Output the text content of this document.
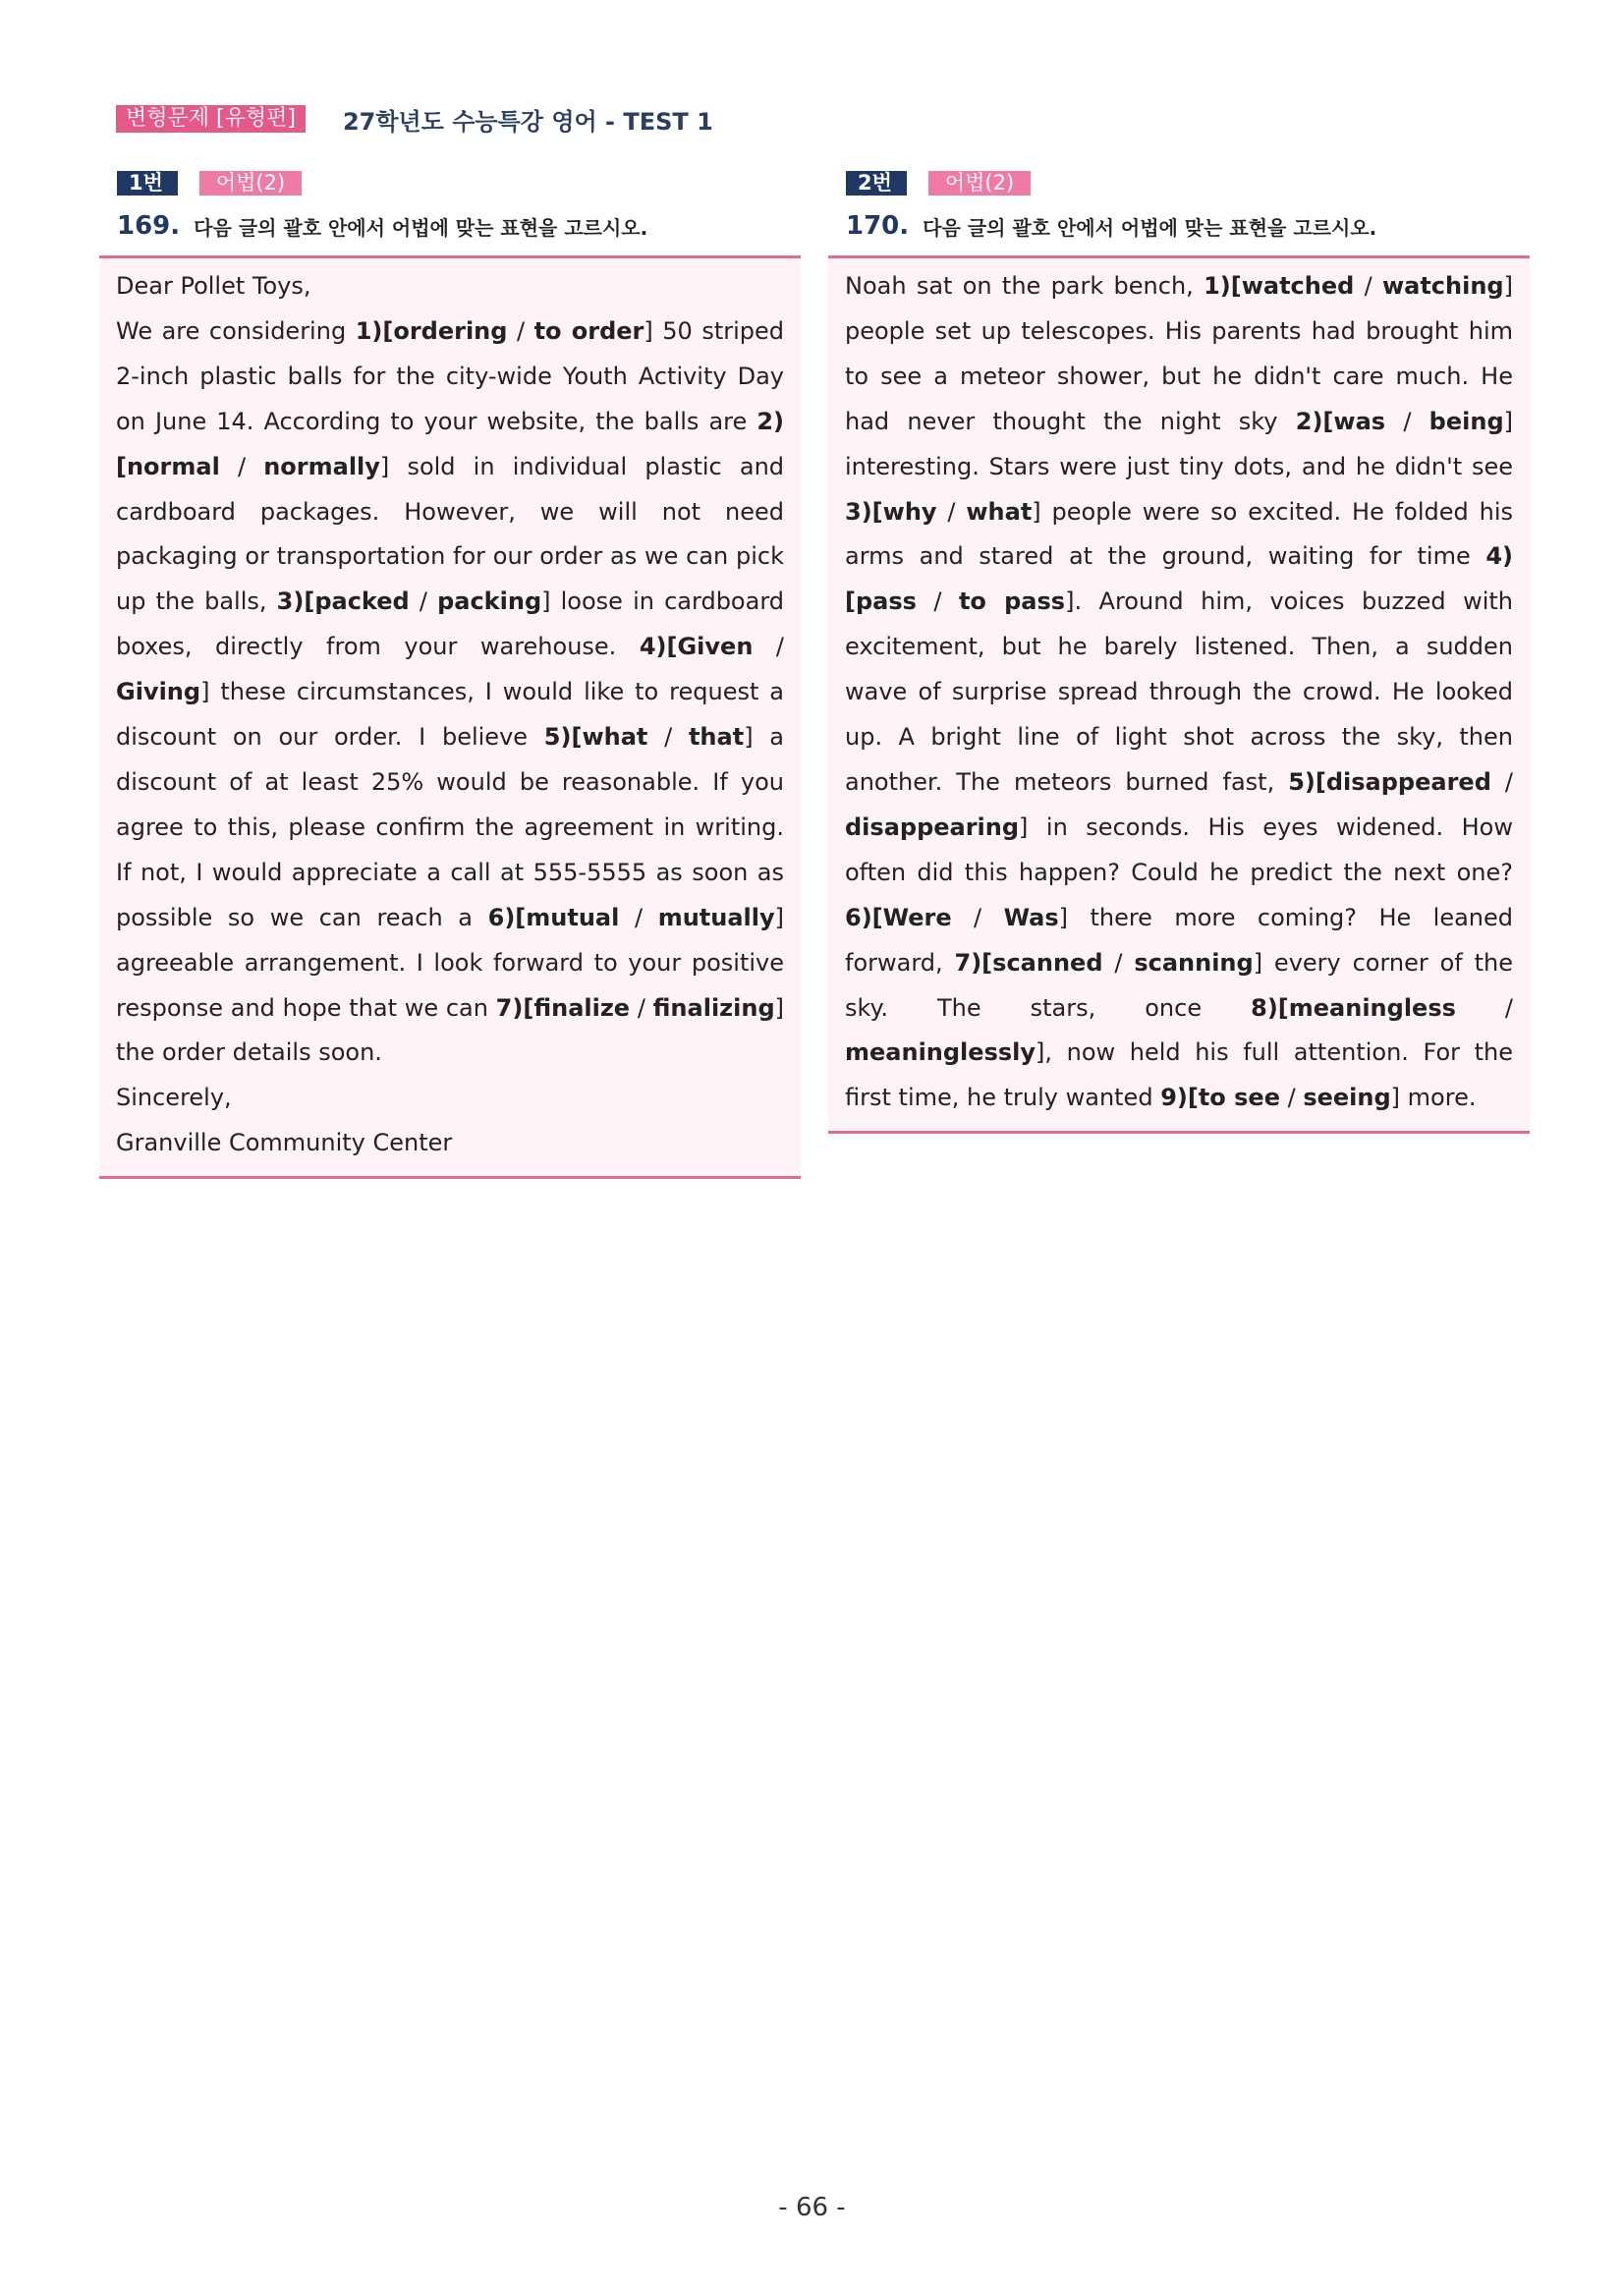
변형문제 [유형편]	27학년도 수능특강 영어 - TEST 1
1번	어법(2)
169. 다음 글의 괄호 안에서 어법에 맞는 표현을 고르시오.

Dear Pollet Toys,
We are considering 1)[ordering / to order] 50 striped 2-inch plastic balls for the city-wide Youth Activity Day on June 14. According to your website, the balls are 2)[normal / normally] sold in individual plastic and cardboard packages. However, we will not need packaging or transportation for our order as we can pick up the balls, 3)[packed / packing] loose in cardboard boxes, directly from your warehouse. 4)[Given / Giving] these circumstances, I would like to request a discount on our order. I believe 5)[what / that] a discount of at least 25% would be reasonable. If you agree to this, please confirm the agreement in writing. If not, I would appreciate a call at 555-5555 as soon as possible so we can reach a 6)[mutual / mutually] agreeable arrangement. I look forward to your positive response and hope that we can 7)[finalize / finalizing] the order details soon.
Sincerely,
Granville Community Center

2번	어법(2)
170. 다음 글의 괄호 안에서 어법에 맞는 표현을 고르시오.

Noah sat on the park bench, 1)[watched / watching] people set up telescopes. His parents had brought him to see a meteor shower, but he didn't care much. He had never thought the night sky 2)[was / being] interesting. Stars were just tiny dots, and he didn't see 3)[why / what] people were so excited. He folded his arms and stared at the ground, waiting for time 4)[pass / to pass]. Around him, voices buzzed with excitement, but he barely listened. Then, a sudden wave of surprise spread through the crowd. He looked up. A bright line of light shot across the sky, then another. The meteors burned fast, 5)[disappeared / disappearing] in seconds. His eyes widened. How often did this happen? Could he predict the next one? 6)[Were / Was] there more coming? He leaned forward, 7)[scanned / scanning] every corner of the sky. The stars, once 8)[meaningless / meaninglessly], now held his full attention. For the first time, he truly wanted 9)[to see / seeing] more.

- 66 -
